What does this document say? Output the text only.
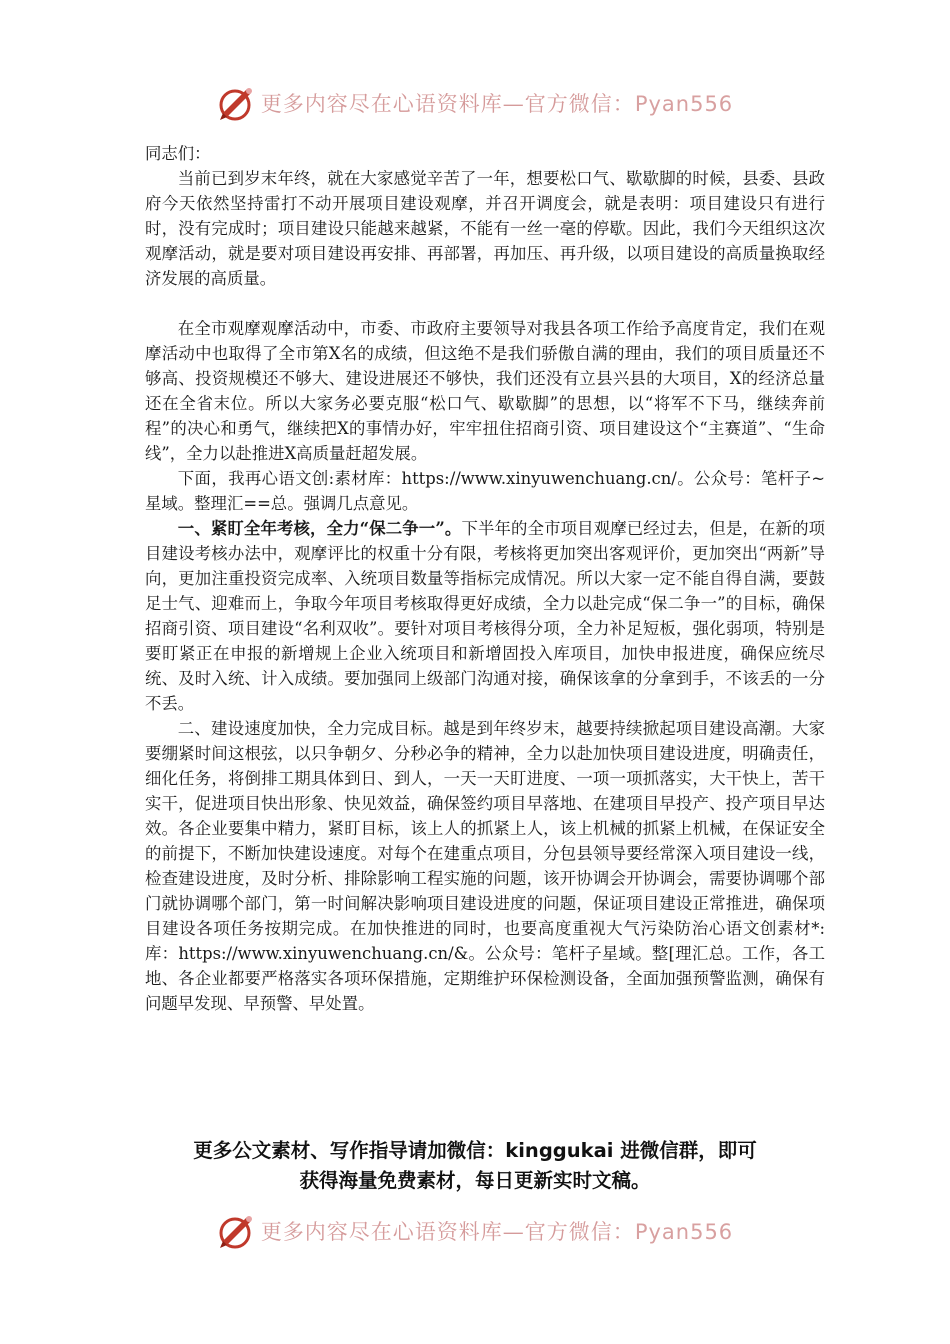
更多内容尽在心语资料库—官方微信：Pyan556

同志们：

当前已到岁末年终，就在大家感觉辛苦了一年，想要松口气、歇歇脚的时候，县委、县政府今天依然坚持雷打不动开展项目建设观摩，并召开调度会，就是表明：项目建设只有进行时，没有完成时；项目建设只能越来越紧，不能有一丝一毫的停歇。因此，我们今天组织这次观摩活动，就是要对项目建设再安排、再部署，再加压、再升级，以项目建设的高质量换取经济发展的高质量。

在全市观摩观摩活动中，市委、市政府主要领导对我县各项工作给予高度肯定，我们在观摩活动中也取得了全市第X名的成绩，但这绝不是我们骄傲自满的理由，我们的项目质量还不够高、投资规模还不够大、建设进展还不够快，我们还没有立县兴县的大项目，X的经济总量还在全省末位。所以大家务必要克服“松口气、歇歇脚”的思想，以“将军不下马，继续奔前程”的决心和勇气，继续把X的事情办好，牢牢扭住招商引资、项目建设这个“主赛道”、“生命线”，全力以赴推进X高质量赶超发展。

下面，我再心语文创:素材库：https://www.xinyuwenchuang.cn/。公众号：笔杆子~星域。整理汇==总。强调几点意见。

一、紧盯全年考核，全力“保二争一”。下半年的全市项目观摩已经过去，但是，在新的项目建设考核办法中，观摩评比的权重十分有限，考核将更加突出客观评价，更加突出“两新”导向，更加注重投资完成率、入统项目数量等指标完成情况。所以大家一定不能自得自满，要鼓足士气、迎难而上，争取今年项目考核取得更好成绩，全力以赴完成“保二争一”的目标，确保招商引资、项目建设“名利双收”。要针对项目考核得分项，全力补足短板，强化弱项，特别是要盯紧正在申报的新增规上企业入统项目和新增固投入库项目，加快申报进度，确保应统尽统、及时入统、计入成绩。要加强同上级部门沟通对接，确保该拿的分拿到手，不该丢的一分不丢。

二、建设速度加快，全力完成目标。越是到年终岁末，越要持续掀起项目建设高潮。大家要绷紧时间这根弦，以只争朝夕、分秒必争的精神，全力以赴加快项目建设进度，明确责任，细化任务，将倒排工期具体到日、到人，一天一天盯进度、一项一项抓落实，大干快上，苦干实干，促进项目快出形象、快见效益，确保签约项目早落地、在建项目早投产、投产项目早达效。各企业要集中精力，紧盯目标，该上人的抓紧上人，该上机械的抓紧上机械，在保证安全的前提下，不断加快建设速度。对每个在建重点项目，分包县领导要经常深入项目建设一线，检查建设进度，及时分析、排除影响工程实施的问题，该开协调会开协调会，需要协调哪个部门就协调哪个部门，第一时间解决影响项目建设进度的问题，保证项目建设正常推进，确保项目建设各项任务按期完成。在加快推进的同时，也要高度重视大气污染防治心语文创素材*:库：https://www.xinyuwenchuang.cn/&。公众号：笔杆子星域。整[理汇总。工作，各工地、各企业都要严格落实各项环保措施，定期维护环保检测设备，全面加强预警监测，确保有问题早发现、早预警、早处置。

更多公文素材、写作指导请加微信：kinggukai 进微信群，即可
获得海量免费素材，每日更新实时文稿。
更多内容尽在心语资料库—官方微信：Pyan556
